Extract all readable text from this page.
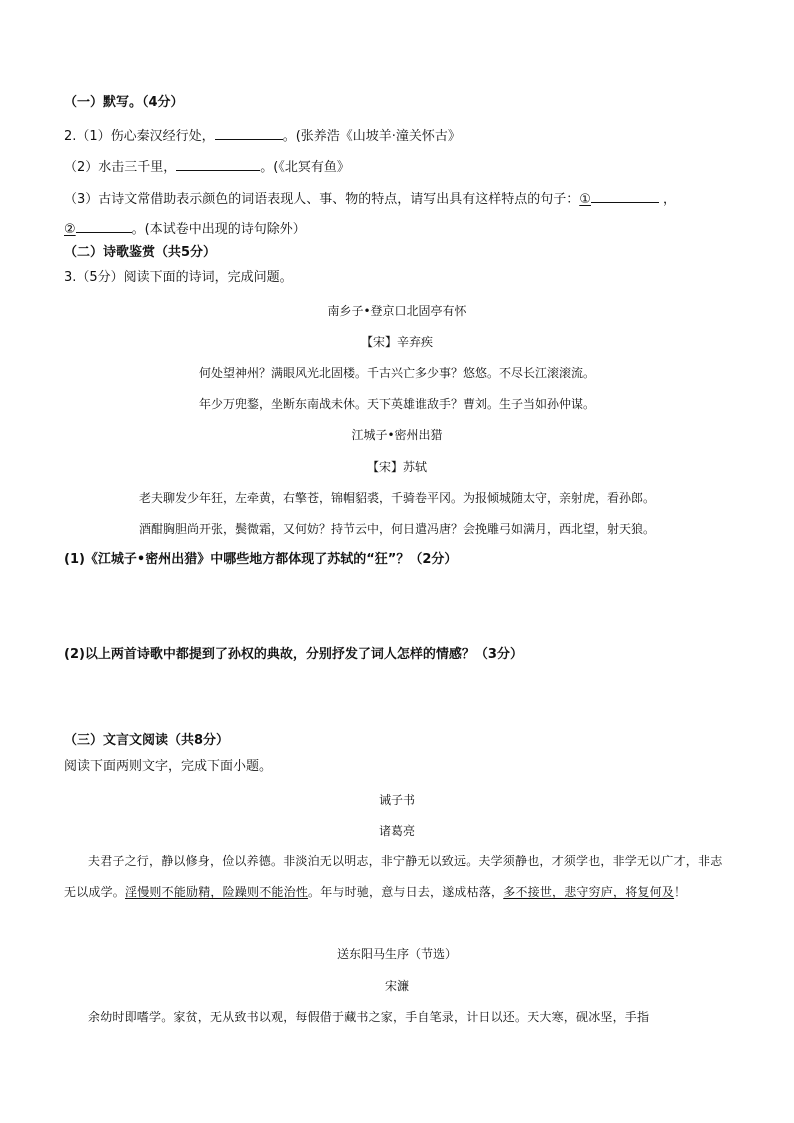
（一）默写。（4分）
2.（1）伤心秦汉经行处，	。(张养浩《山坡羊·潼关怀古》
（2）水击三千里，	。(《北冥有鱼》
（3）古诗文常借助表示颜色的词语表现人、事、物的特点，请写出具有这样特点的句子：①	，
②	。(本试卷中出现的诗句除外）
（二）诗歌鉴赏（共5分）
3.（5分）阅读下面的诗词，完成问题。
南乡子•登京口北固亭有怀
【宋】辛弃疾
何处望神州？满眼风光北固楼。千古兴亡多少事？悠悠。不尽长江滚滚流。
年少万兜鍪，坐断东南战未休。天下英雄谁敌手？曹刘。生子当如孙仲谋。
江城子•密州出猎
【宋】苏轼
老夫聊发少年狂，左牵黄，右擎苍，锦帽貂裘，千骑卷平冈。为报倾城随太守，亲射虎，看孙郎。
酒酣胸胆尚开张，鬓微霜，又何妨？持节云中，何日遣冯唐？会挽雕弓如满月，西北望，射天狼。
(1)《江城子•密州出猎》中哪些地方都体现了苏轼的“狂”？（2分）
(2)以上两首诗歌中都提到了孙权的典故，分别抒发了词人怎样的情感？（3分）
（三）文言文阅读（共8分）
阅读下面两则文字，完成下面小题。
诫子书
诸葛亮
夫君子之行，静以修身，俭以养德。非淡泊无以明志，非宁静无以致远。夫学须静也，才须学也，非学无以广才，非志无以成学。淫慢则不能励精，险躁则不能治性。年与时驰，意与日去，遂成枯落，多不接世，悲守穷庐，将复何及！
送东阳马生序（节选）
宋濂
余幼时即嗜学。家贫，无从致书以观，每假借于藏书之家，手自笔录，计日以还。天大寒，砚冰坚，手指
